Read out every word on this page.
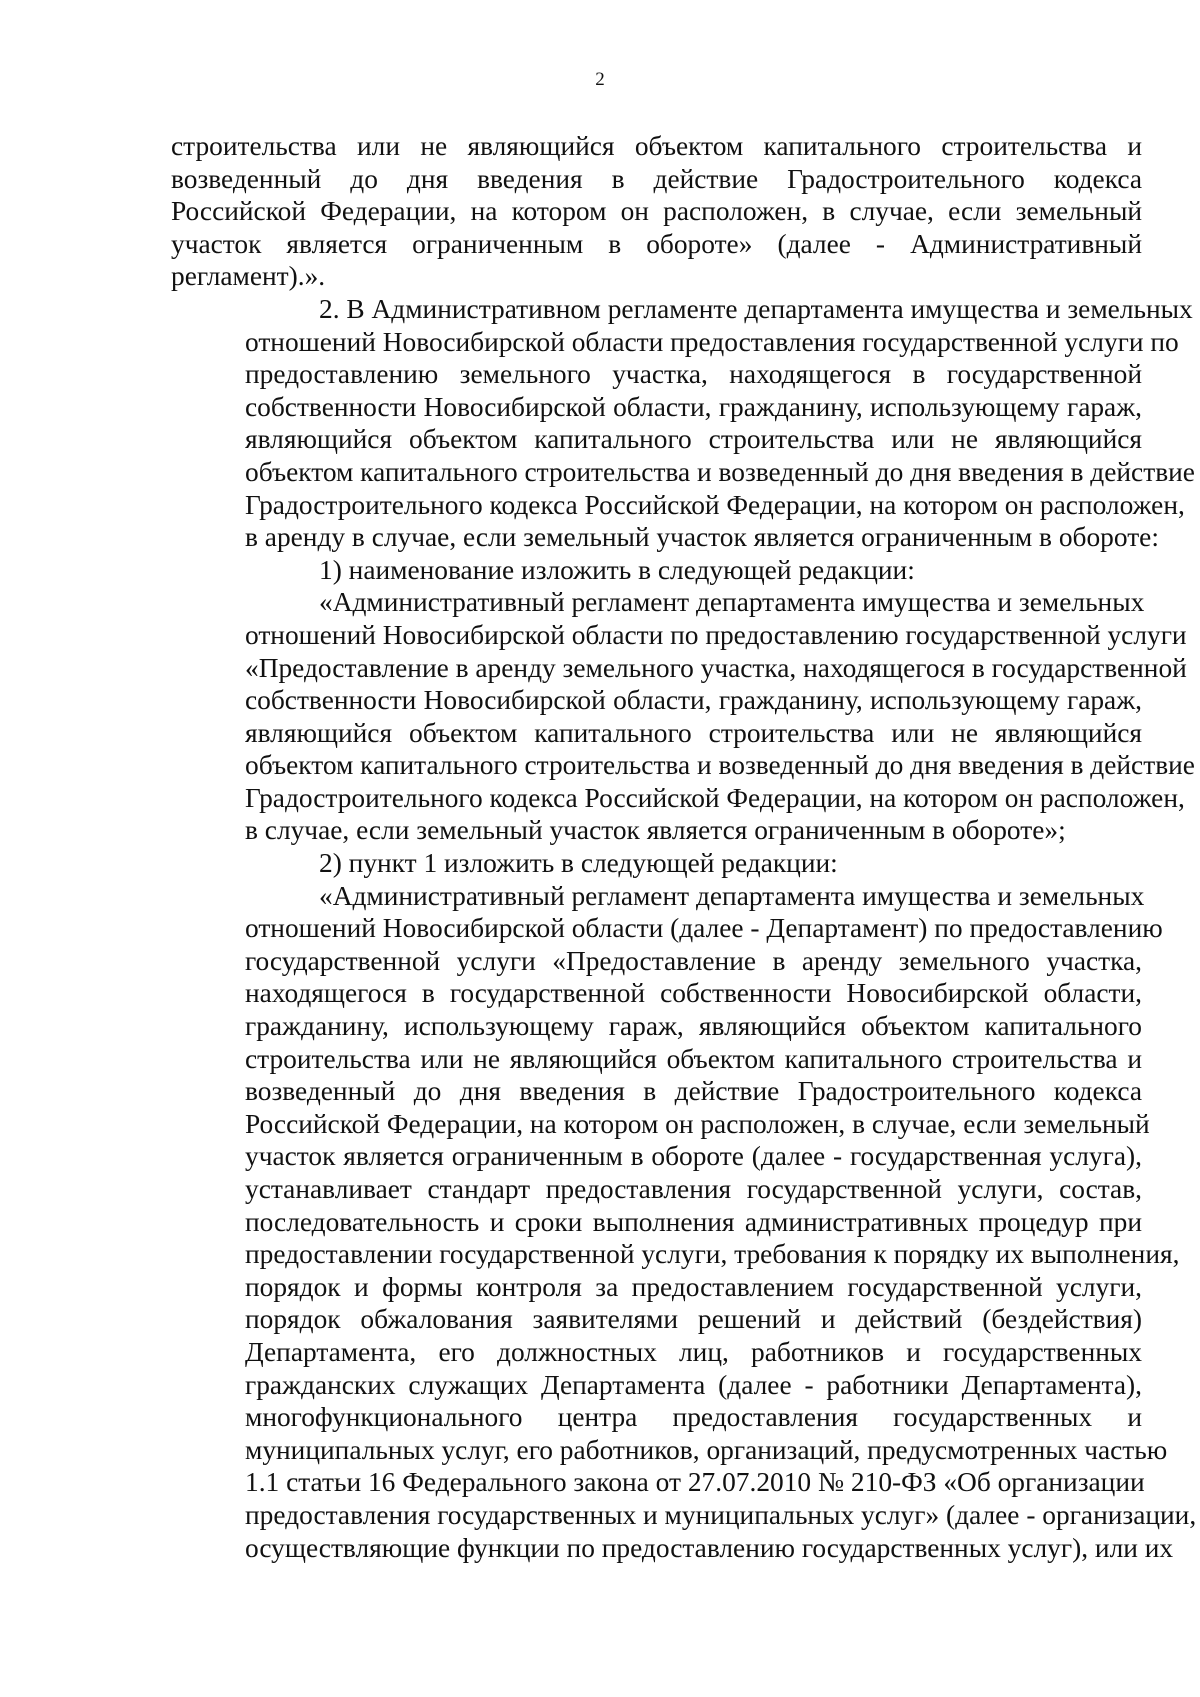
2
строительства или не являющийся объектом капитального строительства и
возведенный до дня введения в действие Градостроительного кодекса
Российской Федерации, на котором он расположен, в случае, если земельный
участок является ограниченным в обороте» (далее - Административный
регламент).».
2. В Административном регламенте департамента имущества и земельных
отношений Новосибирской области предоставления государственной услуги по
предоставлению земельного участка, находящегося в государственной
собственности Новосибирской области, гражданину, использующему гараж,
являющийся объектом капитального строительства или не являющийся
объектом капитального строительства и возведенный до дня введения в действие
Градостроительного кодекса Российской Федерации, на котором он расположен,
в аренду в случае, если земельный участок является ограниченным в обороте:
1) наименование изложить в следующей редакции:
«Административный регламент департамента имущества и земельных
отношений Новосибирской области по предоставлению государственной услуги
«Предоставление в аренду земельного участка, находящегося в государственной
собственности Новосибирской области, гражданину, использующему гараж,
являющийся объектом капитального строительства или не являющийся
объектом капитального строительства и возведенный до дня введения в действие
Градостроительного кодекса Российской Федерации, на котором он расположен,
в случае, если земельный участок является ограниченным в обороте»;
2) пункт 1 изложить в следующей редакции:
«Административный регламент департамента имущества и земельных
отношений Новосибирской области (далее - Департамент) по предоставлению
государственной услуги «Предоставление в аренду земельного участка,
находящегося в государственной собственности Новосибирской области,
гражданину, использующему гараж, являющийся объектом капитального
строительства или не являющийся объектом капитального строительства и
возведенный до дня введения в действие Градостроительного кодекса
Российской Федерации, на котором он расположен, в случае, если земельный
участок является ограниченным в обороте (далее - государственная услуга),
устанавливает стандарт предоставления государственной услуги, состав,
последовательность и сроки выполнения административных процедур при
предоставлении государственной услуги, требования к порядку их выполнения,
порядок и формы контроля за предоставлением государственной услуги,
порядок обжалования заявителями решений и действий (бездействия)
Департамента, его должностных лиц, работников и государственных
гражданских служащих Департамента (далее - работники Департамента),
многофункционального центра предоставления государственных и
муниципальных услуг, его работников, организаций, предусмотренных частью
1.1 статьи 16 Федерального закона от 27.07.2010 № 210-ФЗ «Об организации
предоставления государственных и муниципальных услуг» (далее - организации,
осуществляющие функции по предоставлению государственных услуг), или их
